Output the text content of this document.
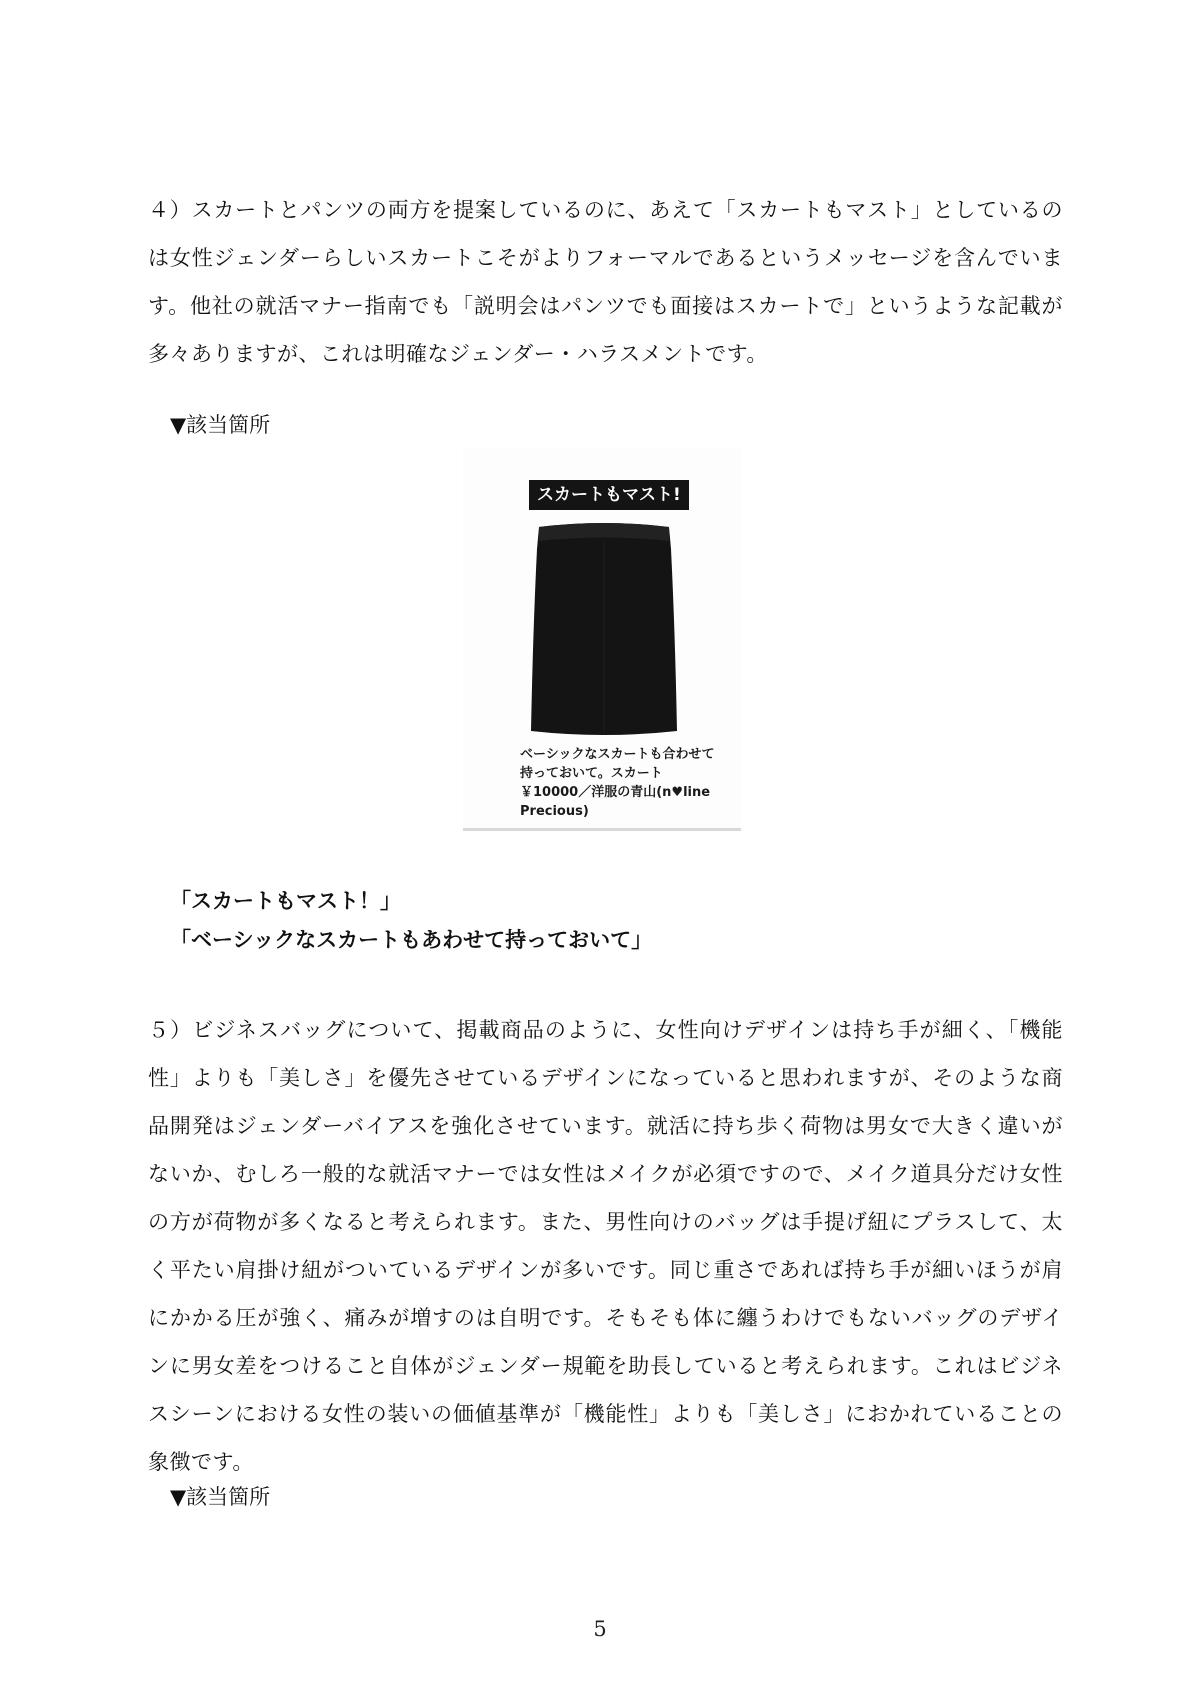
４）スカートとパンツの両方を提案しているのに、あえて「スカートもマスト」としているのは女性ジェンダーらしいスカートこそがよりフォーマルであるというメッセージを含んでいます。他社の就活マナー指南でも「説明会はパンツでも面接はスカートで」というような記載が多々ありますが、これは明確なジェンダー・ハラスメントです。

▼該当箇所

スカートもマスト!

ベーシックなスカートも合わせて持っておいて。スカート￥10000／洋服の青山(n♥line Precious)

「スカートもマスト！」

「ベーシックなスカートもあわせて持っておいて」

５）ビジネスバッグについて、掲載商品のように、女性向けデザインは持ち手が細く、「機能性」よりも「美しさ」を優先させているデザインになっていると思われますが、そのような商品開発はジェンダーバイアスを強化させています。就活に持ち歩く荷物は男女で大きく違いがないか、むしろ一般的な就活マナーでは女性はメイクが必須ですので、メイク道具分だけ女性の方が荷物が多くなると考えられます。また、男性向けのバッグは手提げ紐にプラスして、太く平たい肩掛け紐がついているデザインが多いです。同じ重さであれば持ち手が細いほうが肩にかかる圧が強く、痛みが増すのは自明です。そもそも体に纏うわけでもないバッグのデザインに男女差をつけること自体がジェンダー規範を助長していると考えられます。これはビジネスシーンにおける女性の装いの価値基準が「機能性」よりも「美しさ」におかれていることの象徴です。

▼該当箇所

5
